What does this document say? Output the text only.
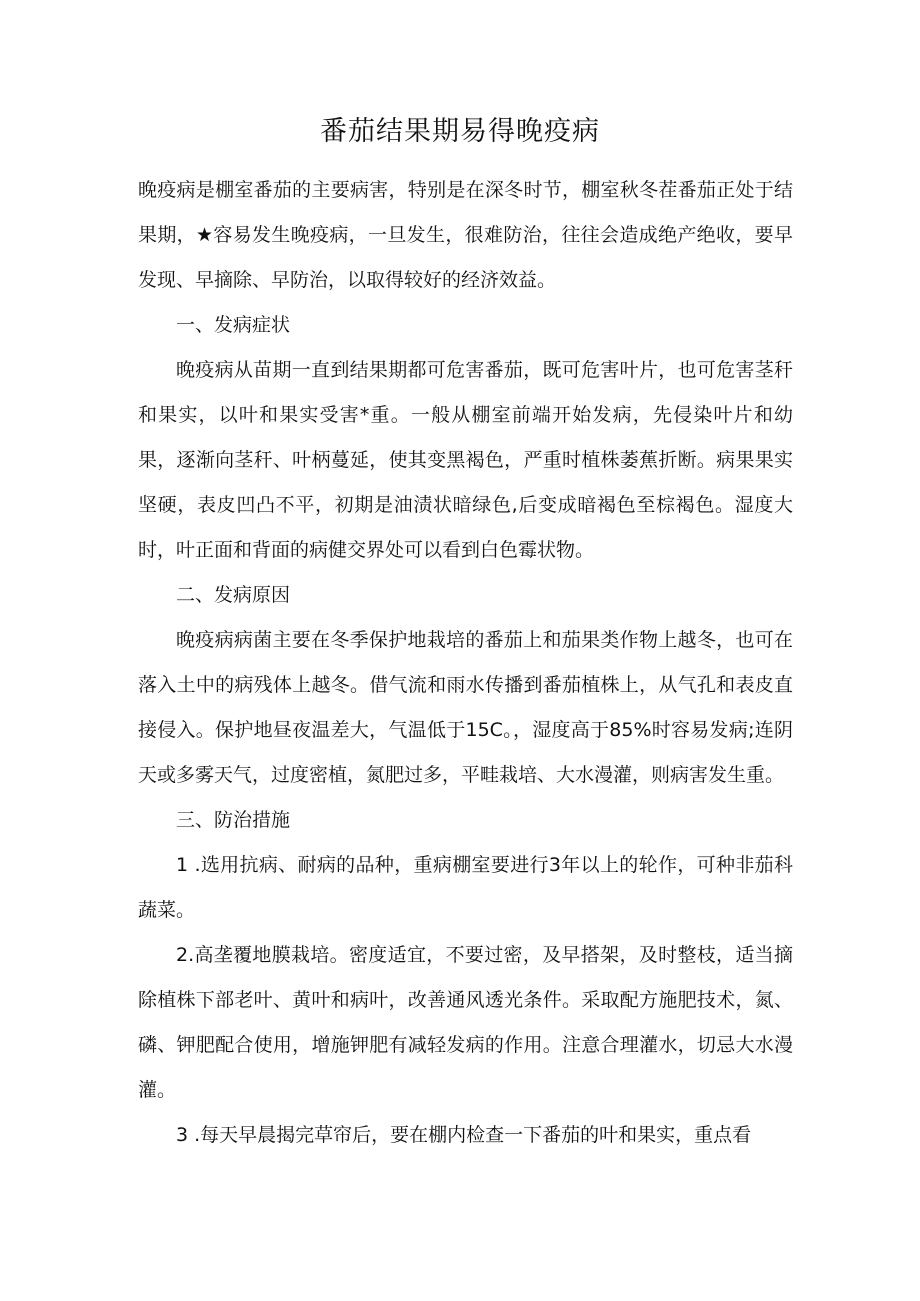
番茄结果期易得晚疫病

晚疫病是棚室番茄的主要病害，特别是在深冬时节，棚室秋冬茬番茄正处于结果期，★容易发生晚疫病，一旦发生，很难防治，往往会造成绝产绝收，要早发现、早摘除、早防治，以取得较好的经济效益。

一、发病症状

晚疫病从苗期一直到结果期都可危害番茄，既可危害叶片，也可危害茎秆和果实，以叶和果实受害*重。一般从棚室前端开始发病，先侵染叶片和幼果，逐渐向茎秆、叶柄蔓延，使其变黑褐色，严重时植株萎蕉折断。病果果实坚硬，表皮凹凸不平，初期是油渍状暗绿色,后变成暗褐色至棕褐色。湿度大时，叶正面和背面的病健交界处可以看到白色霉状物。

二、发病原因

晚疫病病菌主要在冬季保护地栽培的番茄上和茄果类作物上越冬，也可在落入土中的病残体上越冬。借气流和雨水传播到番茄植株上，从气孔和表皮直接侵入。保护地昼夜温差大，气温低于15C。，湿度高于85%时容易发病;连阴天或多雾天气，过度密植，氮肥过多，平畦栽培、大水漫灌，则病害发生重。

三、防治措施

1 .选用抗病、耐病的品种，重病棚室要进行3年以上的轮作，可种非茄科蔬菜。

2.高垄覆地膜栽培。密度适宜，不要过密，及早搭架，及时整枝，适当摘除植株下部老叶、黄叶和病叶，改善通风透光条件。采取配方施肥技术，氮、磷、钾肥配合使用，增施钾肥有减轻发病的作用。注意合理灌水，切忌大水漫灌。

3 .每天早晨揭完草帘后，要在棚内检查一下番茄的叶和果实，重点看
